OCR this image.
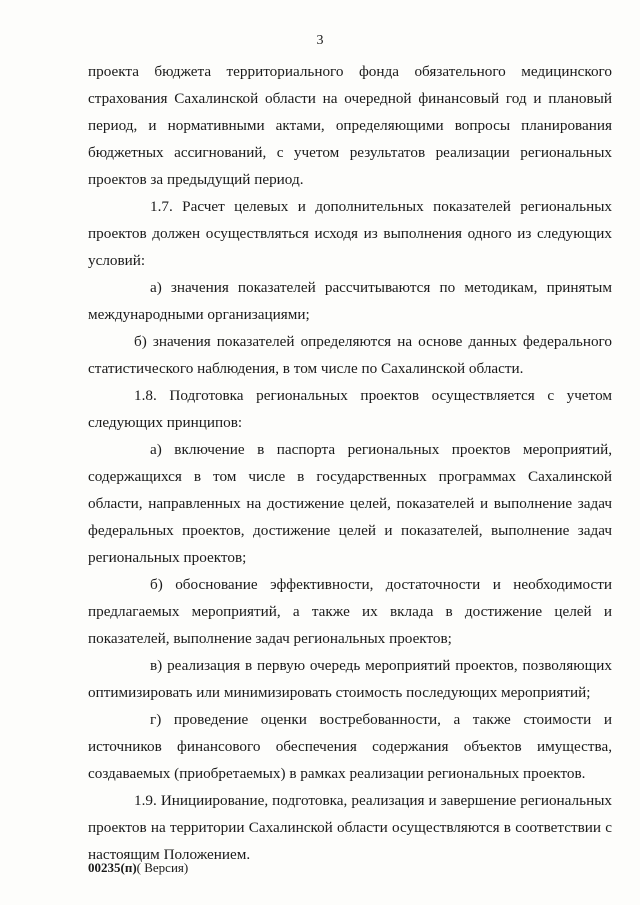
3

проекта бюджета территориального фонда обязательного медицинского страхования Сахалинской области на очередной финансовый год и плановый период, и нормативными актами, определяющими вопросы планирования бюджетных ассигнований, с учетом результатов реализации региональных проектов за предыдущий период.

1.7. Расчет целевых и дополнительных показателей региональных проектов должен осуществляться исходя из выполнения одного из следующих условий:

а) значения показателей рассчитываются по методикам, принятым международными организациями;

б) значения показателей определяются на основе данных федерального статистического наблюдения, в том числе по Сахалинской области.

1.8. Подготовка региональных проектов осуществляется с учетом следующих принципов:

а) включение в паспорта региональных проектов мероприятий, содержащихся в том числе в государственных программах Сахалинской области, направленных на достижение целей, показателей и выполнение задач федеральных проектов, достижение целей и показателей, выполнение задач региональных проектов;

б) обоснование эффективности, достаточности и необходимости предлагаемых мероприятий, а также их вклада в достижение целей и показателей, выполнение задач региональных проектов;

в) реализация в первую очередь мероприятий проектов, позволяющих оптимизировать или минимизировать стоимость последующих мероприятий;

г) проведение оценки востребованности, а также стоимости и источников финансового обеспечения содержания объектов имущества, создаваемых (приобретаемых) в рамках реализации региональных проектов.

1.9. Инициирование, подготовка, реализация и завершение региональных проектов на территории Сахалинской области осуществляются в соответствии с настоящим Положением.

00235(п)( Версия)
